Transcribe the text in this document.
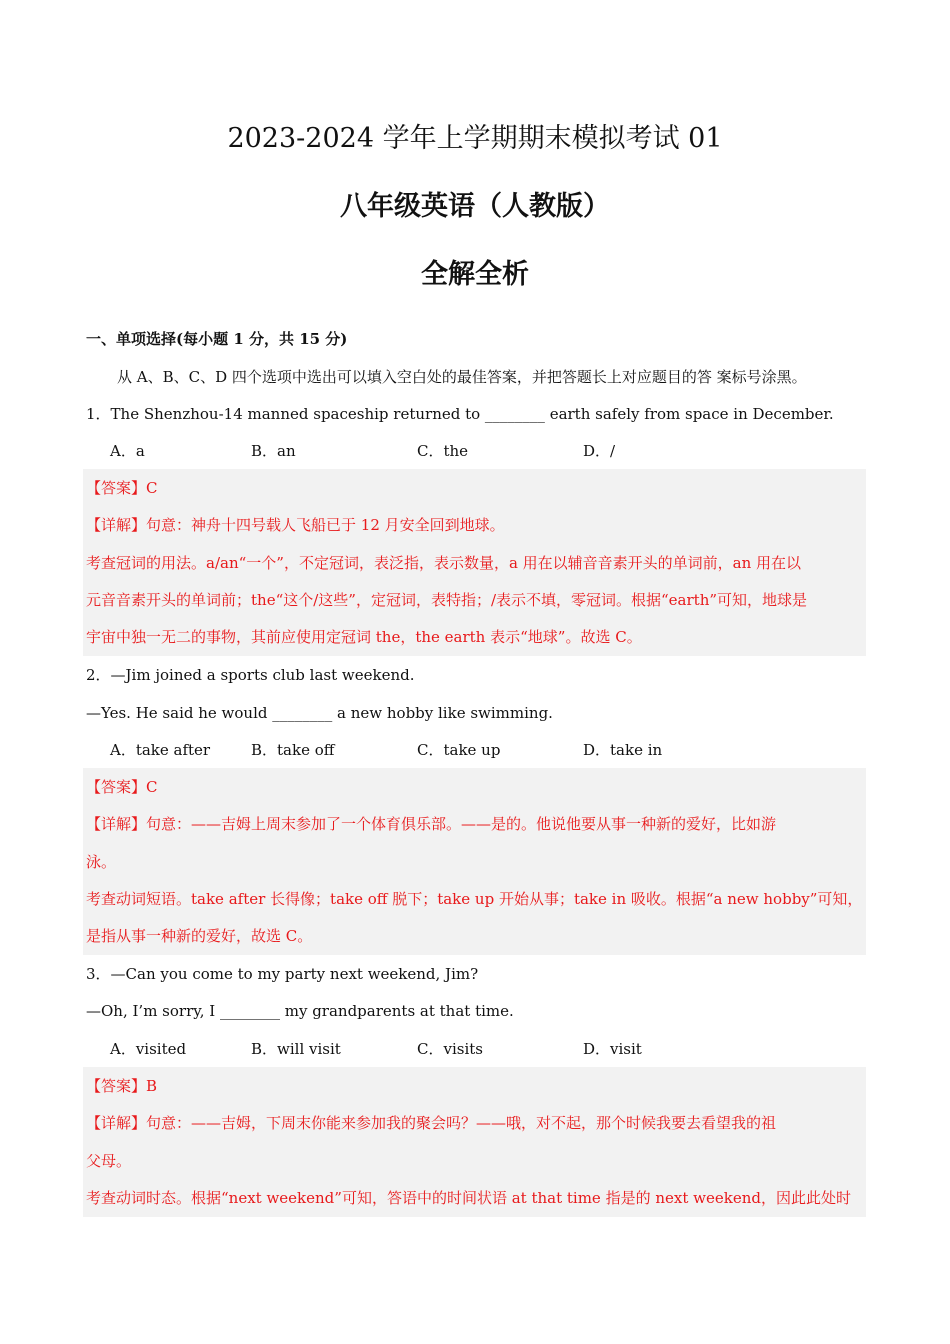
2023-2024 学年上学期期末模拟考试 01
八年级英语（人教版）
全解全析
一、单项选择(每小题 1 分，共 15 分)
从 A、B、C、D 四个选项中选出可以填入空白处的最佳答案，并把答题长上对应题目的答 案标号涂黑。
1．The Shenzhou-14 manned spaceship returned to ________ earth safely from space in December.
A．a	B．an	C．the	D．/
【答案】C
【详解】句意：神舟十四号载人飞船已于 12 月安全回到地球。
考查冠词的用法。a/an“一个”，不定冠词，表泛指，表示数量，a 用在以辅音音素开头的单词前，an 用在以
元音音素开头的单词前；the“这个/这些”，定冠词，表特指；/表示不填，零冠词。根据“earth”可知，地球是
宇宙中独一无二的事物，其前应使用定冠词 the，the earth 表示“地球”。故选 C。
2．—Jim joined a sports club last weekend.
—Yes. He said he would ________ a new hobby like swimming.
A．take after	B．take off	C．take up	D．take in
【答案】C
【详解】句意：——吉姆上周末参加了一个体育俱乐部。——是的。他说他要从事一种新的爱好，比如游
泳。
考查动词短语。take after 长得像；take off 脱下；take up 开始从事；take in 吸收。根据“a new hobby”可知，
是指从事一种新的爱好，故选 C。
3．—Can you come to my party next weekend, Jim?
—Oh, I’m sorry, I ________ my grandparents at that time.
A．visited	B．will visit	C．visits	D．visit
【答案】B
【详解】句意：——吉姆，下周末你能来参加我的聚会吗？——哦，对不起，那个时候我要去看望我的祖
父母。
考查动词时态。根据“next weekend”可知，答语中的时间状语 at that time 指是的 next weekend，因此此处时
